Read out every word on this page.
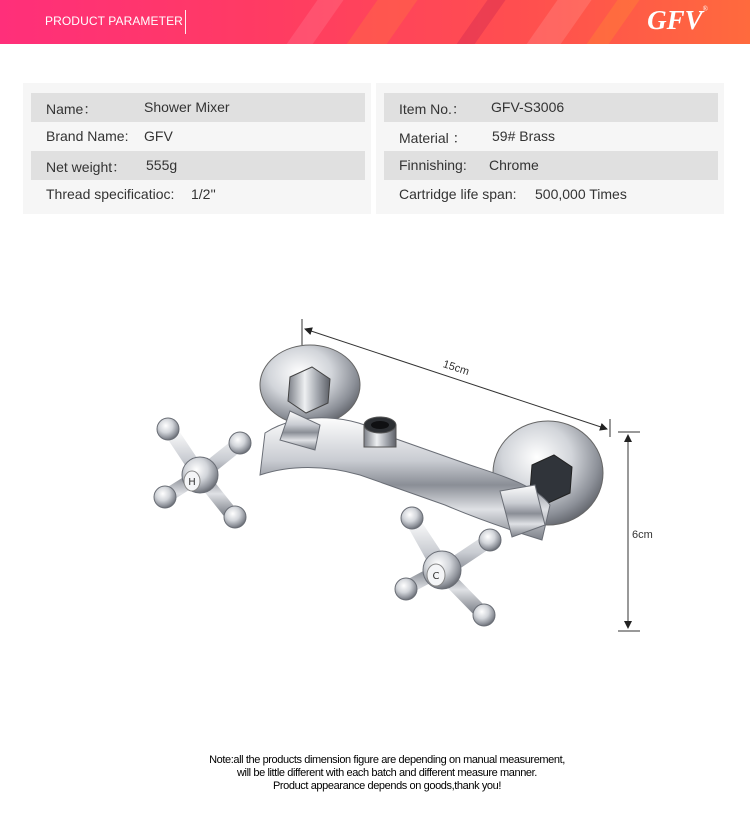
PRODUCT PARAMETER	GFV®
Name：	Shower Mixer
Brand Name: GFV
Net weight： 555g
Thread specificatioc: 1/2''
Item No.： GFV-S3006
Material ： 59# Brass
Finnishing: Chrome
Cartridge life span: 500,000 Times
15cm
6cm
H
C
Note:all the products dimension figure are depending on manual measurement,
will be little different with each batch and different measure manner.
Product appearance depends on goods,thank you!
